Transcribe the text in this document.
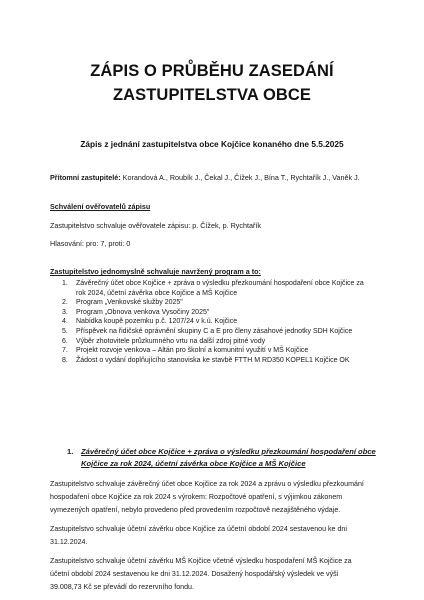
ZÁPIS O PRŮBĚHU ZASEDÁNÍ
ZASTUPITELSTVA OBCE
Zápis z jednání zastupitelstva obce Kojčice konaného dne 5.5.2025
Přítomní zastupitelé: Korandová A., Roubík J., Čekal J., Čížek J., Bína T., Rychtařík J., Vaněk J.
Schválení ověřovatelů zápisu
Zastupitelstvo schvaluje ověřovatele zápisu: p. Čížek, p. Rychtařík
Hlasování: pro: 7, proti: 0
Zastupitelstvo jednomyslně schvaluje navržený program a to:
1.	Závěrečný účet obce Kojčice + zpráva o výsledku přezkoumání hospodaření obce Kojčice za
rok 2024, účetní závěrka obce Kojčice a MŠ Kojčice
2.	Program „Venkovské služby 2025"
3.	Program „Obnova venkova Vysočiny 2025"
4.	Nabídka koupě pozemku p.č. 1207/24 v k.ú. Kojčice
5.	Příspěvek na řidičské oprávnění skupiny C a E pro členy zásahové jednotky SDH Kojčice
6.	Výběr zhotovitele průzkumného vrtu na další zdroj pitné vody
7.	Projekt rozvoje venkova – Altán pro školní a komunitní využití v MŠ Kojčice
8.	Žádost o vydání doplňujícího stanoviska ke stavbě FTTH M RD350 KOPEL1 Kojčice OK
1. Závěrečný účet obce Kojčice + zpráva o výsledku přezkoumání hospodaření obce
Kojčice za rok 2024, účetní závěrka obce Kojčice a MŠ Kojčice
Zastupitelstvo schvaluje závěrečný účet obce Kojčice za rok 2024 a zprávu o výsledku přezkoumání
hospodaření obce Kojčice za rok 2024 s výrokem: Rozpočtové opatření, s výjimkou zákonem
vymezených opatření, nebylo provedeno před provedením rozpočtově nezajištěného výdaje.
Zastupitelstvo schvaluje účetní závěrku obce Kojčice za účetní období 2024 sestavenou ke dni
31.12.2024.
Zastupitelstvo schvaluje účetní závěrku MŠ Kojčice včetně výsledku hospodaření MŠ Kojčice za
účetní období 2024 sestavenou ke dni 31.12.2024. Dosažený hospodářský výsledek ve výši
39.008,73 Kč se převádí do rezervního fondu.
